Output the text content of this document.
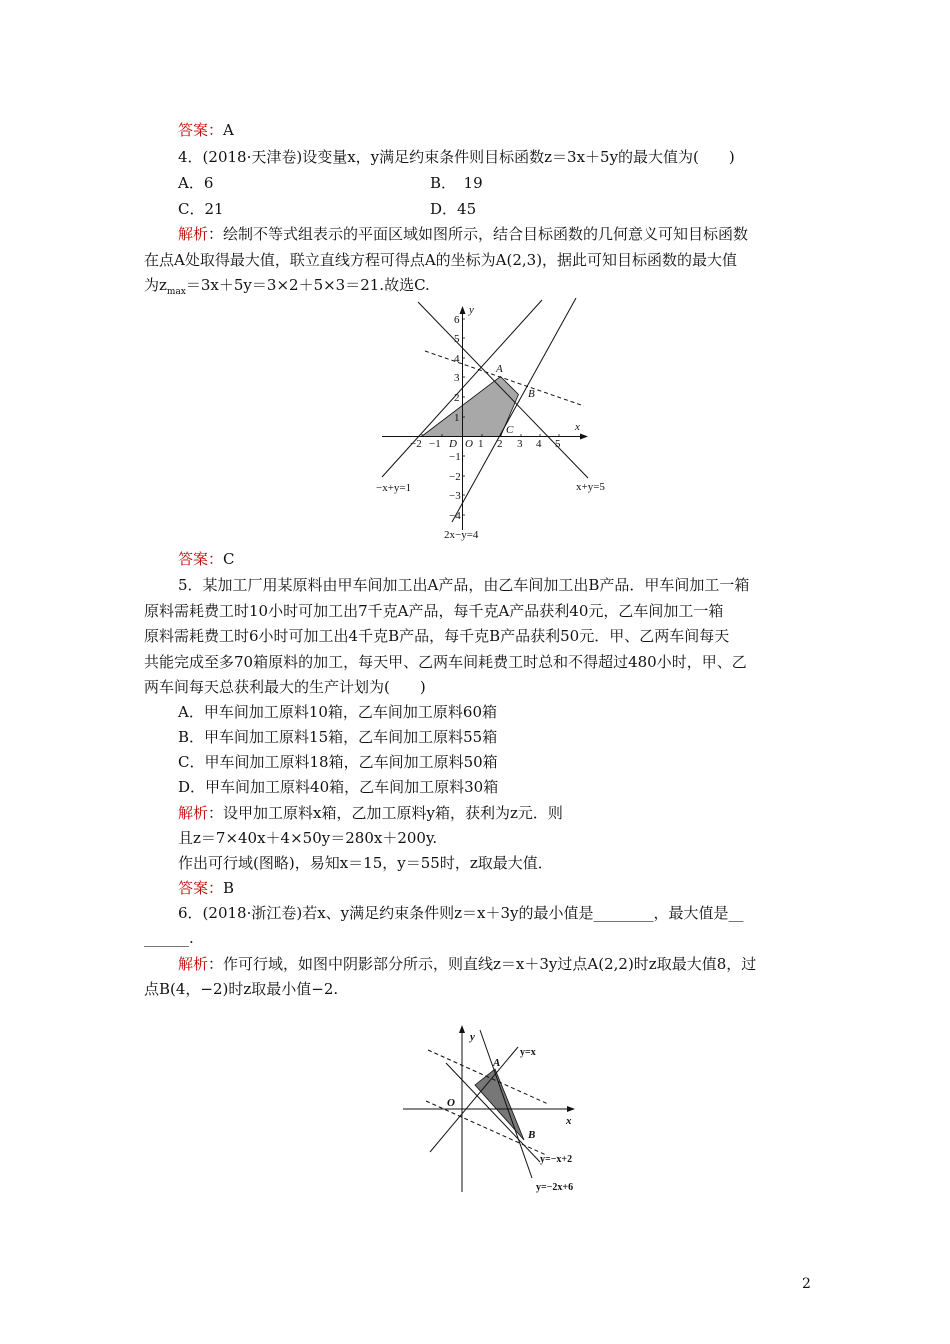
答案：A
4．(2018·天津卷)设变量x，y满足约束条件则目标函数z＝3x＋5y的最大值为(　　)
A．6	B．　19
C．21	D．45
解析：绘制不等式组表示的平面区域如图所示，结合目标函数的几何意义可知目标函数
在点A处取得最大值，联立直线方程可得点A的坐标为A(2,3)，据此可知目标函数的最大值
为$z_{max}=3x+5y=3\times 2+5\times 3=21$.故选C.
−2 −1	1 2 3 4 5
6
5
4
3
2
1
−1
−2
−3
−4
x
y
O
A
B
C
D
−x+y=1	x+y=5
2x−y=4
答案：C
5．某加工厂用某原料由甲车间加工出A产品，由乙车间加工出B产品．甲车间加工一箱
原料需耗费工时10小时可加工出7千克A产品，每千克A产品获利40元，乙车间加工一箱
原料需耗费工时6小时可加工出4千克B产品，每千克B产品获利50元．甲、乙两车间每天
共能完成至多70箱原料的加工，每天甲、乙两车间耗费工时总和不得超过480小时，甲、乙
两车间每天总获利最大的生产计划为(　　)
A．甲车间加工原料10箱，乙车间加工原料60箱
B．甲车间加工原料15箱，乙车间加工原料55箱
C．甲车间加工原料18箱，乙车间加工原料50箱
D．甲车间加工原料40箱，乙车间加工原料30箱
解析：设甲加工原料x箱，乙加工原料y箱，获利为z元．则
且z＝7×40x＋4×50y＝280x＋200y.
作出可行域(图略)，易知x＝15，y＝55时，z取最大值．
答案：B
6．(2018·浙江卷)若x、y满足约束条件则z＝x＋3y的最小值是________，最大值是__
______.
解析：作可行域，如图中阴影部分所示，则直线z＝x＋3y过点A(2,2)时z取最大值8，过
点B(4，−2)时z取最小值−2.
x
y
O
A
B
y=x
y=−x+2
y=−2x+6
2
